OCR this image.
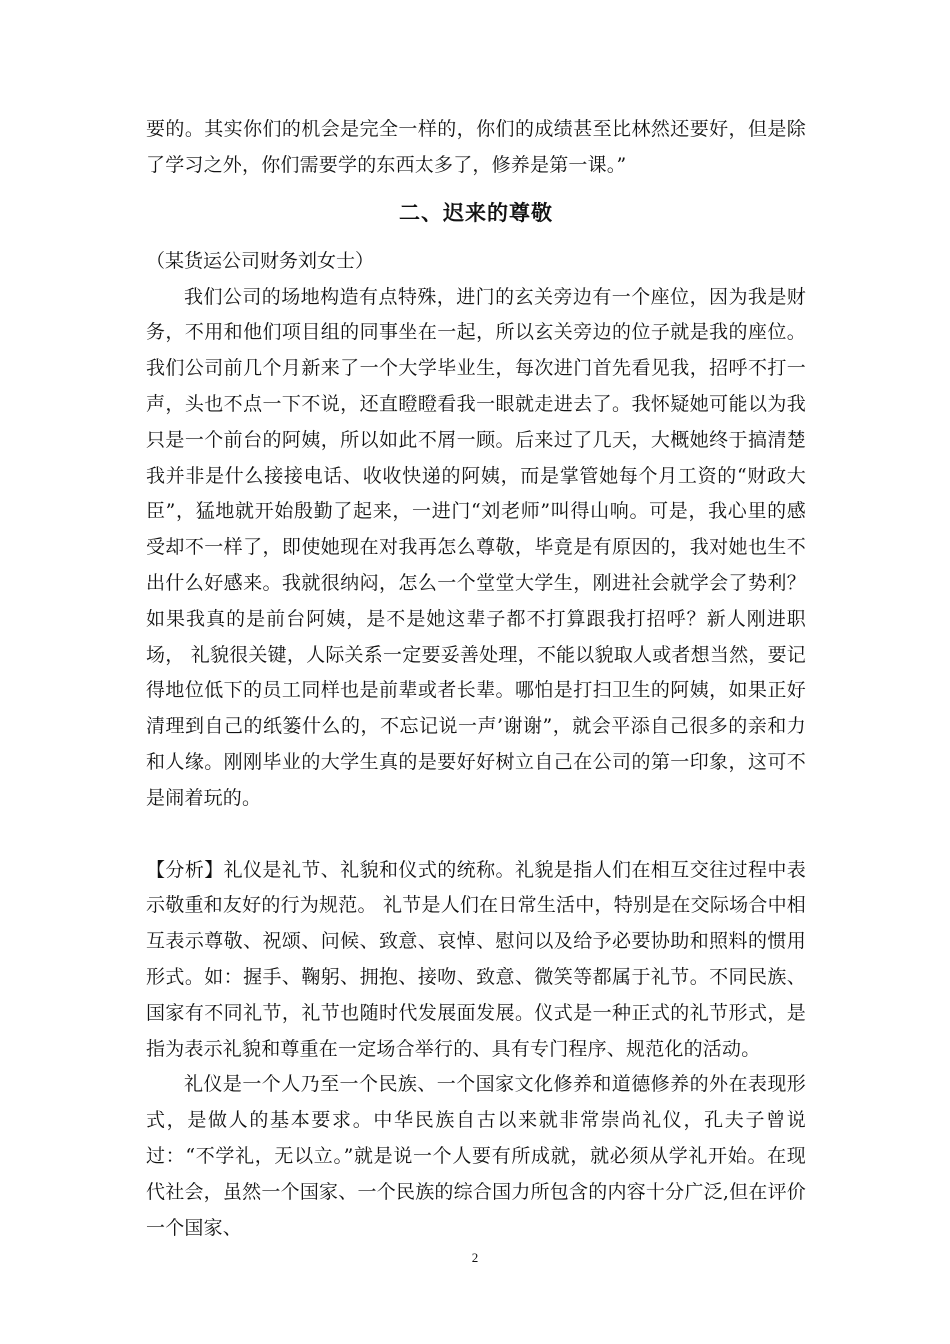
要的。其实你们的机会是完全一样的，你们的成绩甚至比林然还要好，但是除了学习之外，你们需要学的东西太多了，修养是第一课。”

二、迟来的尊敬

（某货运公司财务刘女士）

我们公司的场地构造有点特殊，进门的玄关旁边有一个座位，因为我是财务，不用和他们项目组的同事坐在一起，所以玄关旁边的位子就是我的座位。我们公司前几个月新来了一个大学毕业生，每次进门首先看见我，招呼不打一声，头也不点一下不说，还直瞪瞪看我一眼就走进去了。我怀疑她可能以为我只是一个前台的阿姨，所以如此不屑一顾。后来过了几天，大概她终于搞清楚我并非是什么接接电话、收收快递的阿姨，而是掌管她每个月工资的“财政大臣”，猛地就开始殷勤了起来，一进门“刘老师”叫得山响。可是，我心里的感受却不一样了，即使她现在对我再怎么尊敬，毕竟是有原因的，我对她也生不出什么好感来。我就很纳闷，怎么一个堂堂大学生，刚进社会就学会了势利？如果我真的是前台阿姨，是不是她这辈子都不打算跟我打招呼？新人刚进职场， 礼貌很关键，人际关系一定要妥善处理，不能以貌取人或者想当然，要记得地位低下的员工同样也是前辈或者长辈。哪怕是打扫卫生的阿姨，如果正好清理到自己的纸篓什么的，不忘记说一声’谢谢”，就会平添自己很多的亲和力和人缘。刚刚毕业的大学生真的是要好好树立自己在公司的第一印象，这可不是闹着玩的。

【分析】礼仪是礼节、礼貌和仪式的统称。礼貌是指人们在相互交往过程中表示敬重和友好的行为规范。 礼节是人们在日常生活中，特别是在交际场合中相互表示尊敬、祝颂、问候、致意、哀悼、慰问以及给予必要协助和照料的惯用形式。如：握手、鞠躬、拥抱、接吻、致意、微笑等都属于礼节。不同民族、国家有不同礼节，礼节也随时代发展面发展。仪式是一种正式的礼节形式，是指为表示礼貌和尊重在一定场合举行的、具有专门程序、规范化的活动。

礼仪是一个人乃至一个民族、一个国家文化修养和道德修养的外在表现形式，是做人的基本要求。中华民族自古以来就非常崇尚礼仪，孔夫子曾说过：“不学礼，无以立。”就是说一个人要有所成就，就必须从学礼开始。在现代社会，虽然一个国家、一个民族的综合国力所包含的内容十分广泛,但在评价一个国家、

2
